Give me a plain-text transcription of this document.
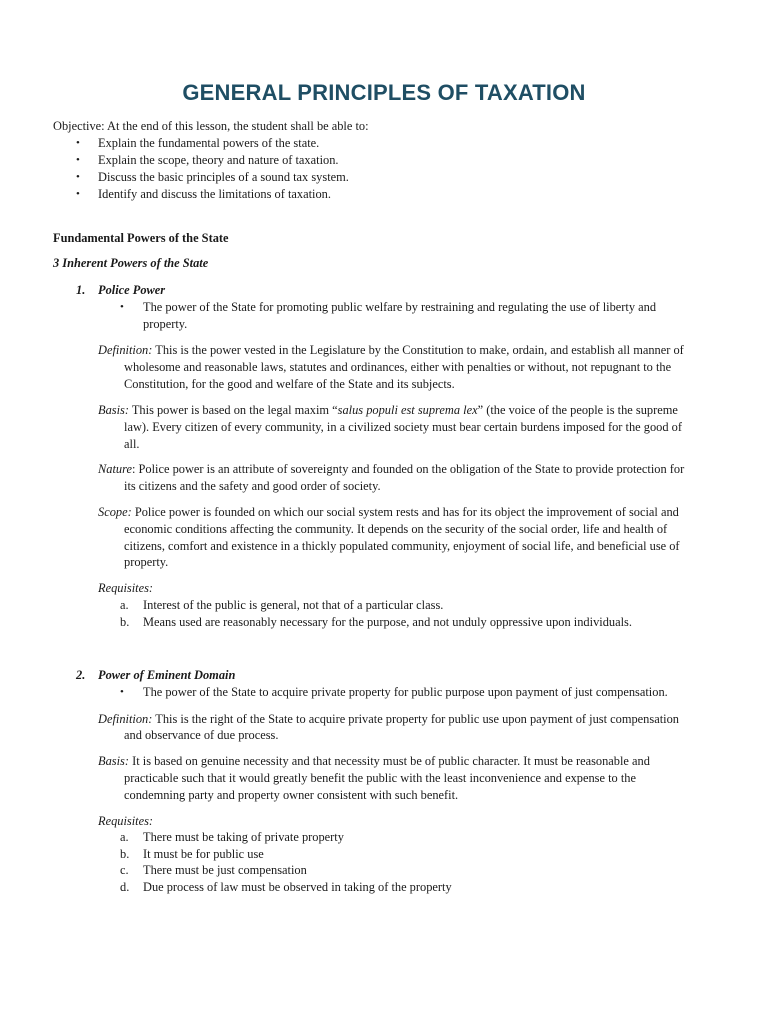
GENERAL PRINCIPLES OF TAXATION
Objective: At the end of this lesson, the student shall be able to:
• Explain the fundamental powers of the state.
• Explain the scope, theory and nature of taxation.
• Discuss the basic principles of a sound tax system.
• Identify and discuss the limitations of taxation.
Fundamental Powers of the State
3 Inherent Powers of the State
1. Police Power
• The power of the State for promoting public welfare by restraining and regulating the use of liberty and
property.
Definition: This is the power vested in the Legislature by the Constitution to make, ordain, and establish all manner of
wholesome and reasonable laws, statutes and ordinances, either with penalties or without, not repugnant to the
Constitution, for the good and welfare of the State and its subjects.
Basis: This power is based on the legal maxim “salus populi est suprema lex” (the voice of the people is the supreme
law). Every citizen of every community, in a civilized society must bear certain burdens imposed for the good of
all.
Nature: Police power is an attribute of sovereignty and founded on the obligation of the State to provide protection for
its citizens and the safety and good order of society.
Scope: Police power is founded on which our social system rests and has for its object the improvement of social and
economic conditions affecting the community. It depends on the security of the social order, life and health of
citizens, comfort and existence in a thickly populated community, enjoyment of social life, and beneficial use of
property.
Requisites:
a. Interest of the public is general, not that of a particular class.
b. Means used are reasonably necessary for the purpose, and not unduly oppressive upon individuals.
2. Power of Eminent Domain
• The power of the State to acquire private property for public purpose upon payment of just compensation.
Definition: This is the right of the State to acquire private property for public use upon payment of just compensation
and observance of due process.
Basis: It is based on genuine necessity and that necessity must be of public character. It must be reasonable and
practicable such that it would greatly benefit the public with the least inconvenience and expense to the
condemning party and property owner consistent with such benefit.
Requisites:
a. There must be taking of private property
b. It must be for public use
c. There must be just compensation
d. Due process of law must be observed in taking of the property
